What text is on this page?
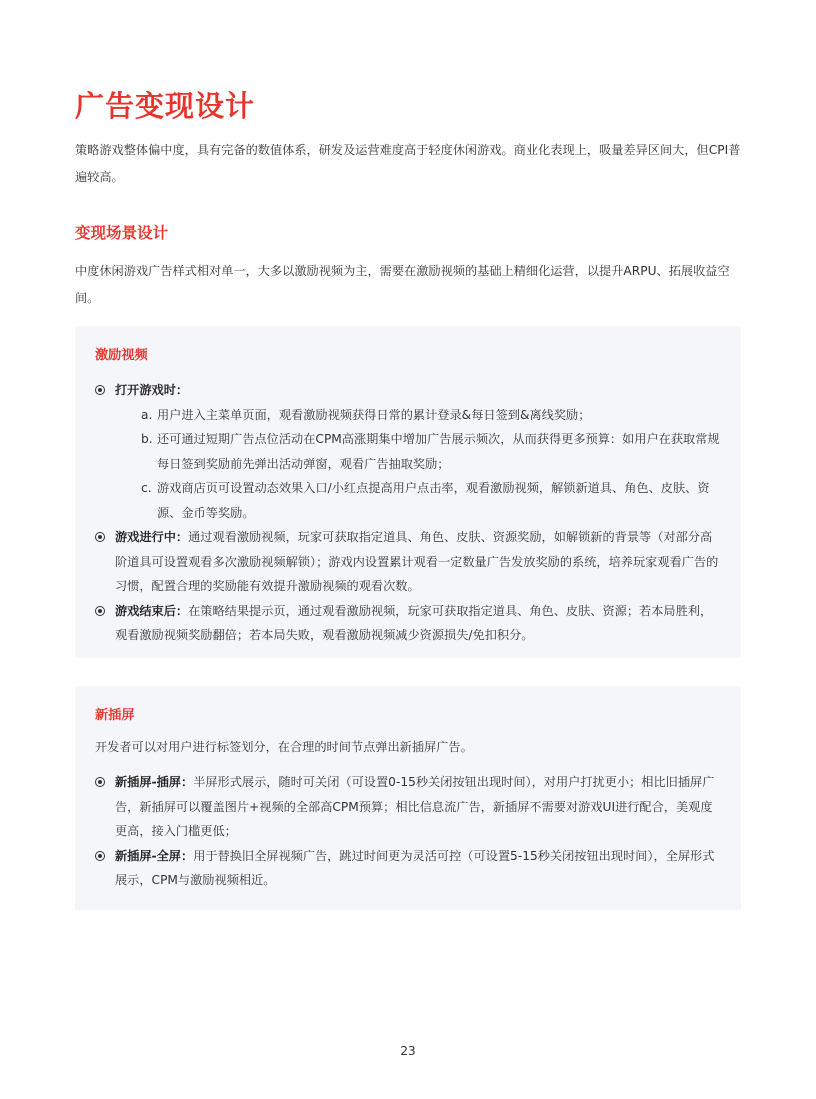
广告变现设计

策略游戏整体偏中度，具有完备的数值体系，研发及运营难度高于轻度休闲游戏。商业化表现上，吸量差异区间大，但CPI普遍较高。

变现场景设计

中度休闲游戏广告样式相对单一，大多以激励视频为主，需要在激励视频的基础上精细化运营，以提升ARPU、拓展收益空间。

激励视频
打开游戏时：
a. 用户进入主菜单页面，观看激励视频获得日常的累计登录&每日签到&离线奖励；
b. 还可通过短期广告点位活动在CPM高涨期集中增加广告展示频次，从而获得更多预算：如用户在获取常规每日签到奖励前先弹出活动弹窗，观看广告抽取奖励；
c. 游戏商店页可设置动态效果入口/小红点提高用户点击率，观看激励视频，解锁新道具、角色、皮肤、资源、金币等奖励。
游戏进行中：通过观看激励视频，玩家可获取指定道具、角色、皮肤、资源奖励，如解锁新的背景等（对部分高阶道具可设置观看多次激励视频解锁）；游戏内设置累计观看一定数量广告发放奖励的系统，培养玩家观看广告的习惯，配置合理的奖励能有效提升激励视频的观看次数。
游戏结束后：在策略结果提示页，通过观看激励视频，玩家可获取指定道具、角色、皮肤、资源；若本局胜利，观看激励视频奖励翻倍；若本局失败，观看激励视频减少资源损失/免扣积分。
新插屏

开发者可以对用户进行标签划分，在合理的时间节点弹出新插屏广告。

新插屏-插屏：半屏形式展示，随时可关闭（可设置0-15秒关闭按钮出现时间），对用户打扰更小；相比旧插屏广告，新插屏可以覆盖图片+视频的全部高CPM预算；相比信息流广告，新插屏不需要对游戏UI进行配合，美观度更高，接入门槛更低；
新插屏-全屏：用于替换旧全屏视频广告，跳过时间更为灵活可控（可设置5-15秒关闭按钮出现时间），全屏形式展示，CPM与激励视频相近。
23
